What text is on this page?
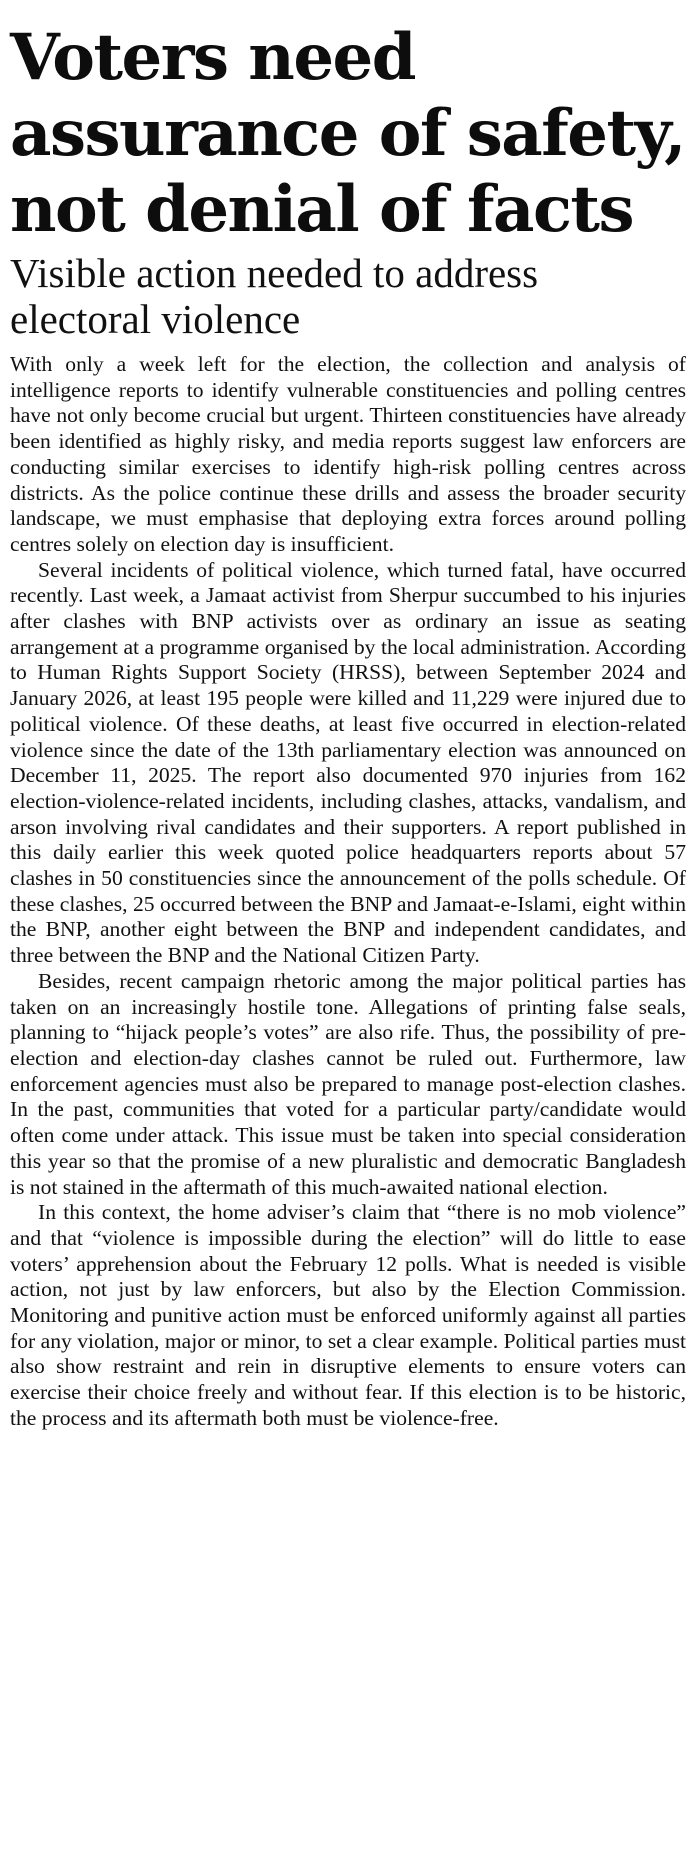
Voters need assurance of safety, not denial of facts
Visible action needed to address electoral violence

With only a week left for the election, the collection and analysis of intelligence reports to identify vulnerable constituencies and polling centres have not only become crucial but urgent. Thirteen constituencies have already been identified as highly risky, and media reports suggest law enforcers are conducting similar exercises to identify high-risk polling centres across districts. As the police continue these drills and assess the broader security landscape, we must emphasise that deploying extra forces around polling centres solely on election day is insufficient.

Several incidents of political violence, which turned fatal, have occurred recently. Last week, a Jamaat activist from Sherpur succumbed to his injuries after clashes with BNP activists over as ordinary an issue as seating arrangement at a programme organised by the local administration. According to Human Rights Support Society (HRSS), between September 2024 and January 2026, at least 195 people were killed and 11,229 were injured due to political violence. Of these deaths, at least five occurred in election-related violence since the date of the 13th parliamentary election was announced on December 11, 2025. The report also documented 970 injuries from 162 election-violence-related incidents, including clashes, attacks, vandalism, and arson involving rival candidates and their supporters. A report published in this daily earlier this week quoted police headquarters reports about 57 clashes in 50 constituencies since the announcement of the polls schedule. Of these clashes, 25 occurred between the BNP and Jamaat-e-Islami, eight within the BNP, another eight between the BNP and independent candidates, and three between the BNP and the National Citizen Party.

Besides, recent campaign rhetoric among the major political parties has taken on an increasingly hostile tone. Allegations of printing false seals, planning to “hijack people’s votes” are also rife. Thus, the possibility of pre-election and election-day clashes cannot be ruled out. Furthermore, law enforcement agencies must also be prepared to manage post-election clashes. In the past, communities that voted for a particular party/candidate would often come under attack. This issue must be taken into special consideration this year so that the promise of a new pluralistic and democratic Bangladesh is not stained in the aftermath of this much-awaited national election.

In this context, the home adviser’s claim that “there is no mob violence” and that “violence is impossible during the election” will do little to ease voters’ apprehension about the February 12 polls. What is needed is visible action, not just by law enforcers, but also by the Election Commission. Monitoring and punitive action must be enforced uniformly against all parties for any violation, major or minor, to set a clear example. Political parties must also show restraint and rein in disruptive elements to ensure voters can exercise their choice freely and without fear. If this election is to be historic, the process and its aftermath both must be violence-free.
